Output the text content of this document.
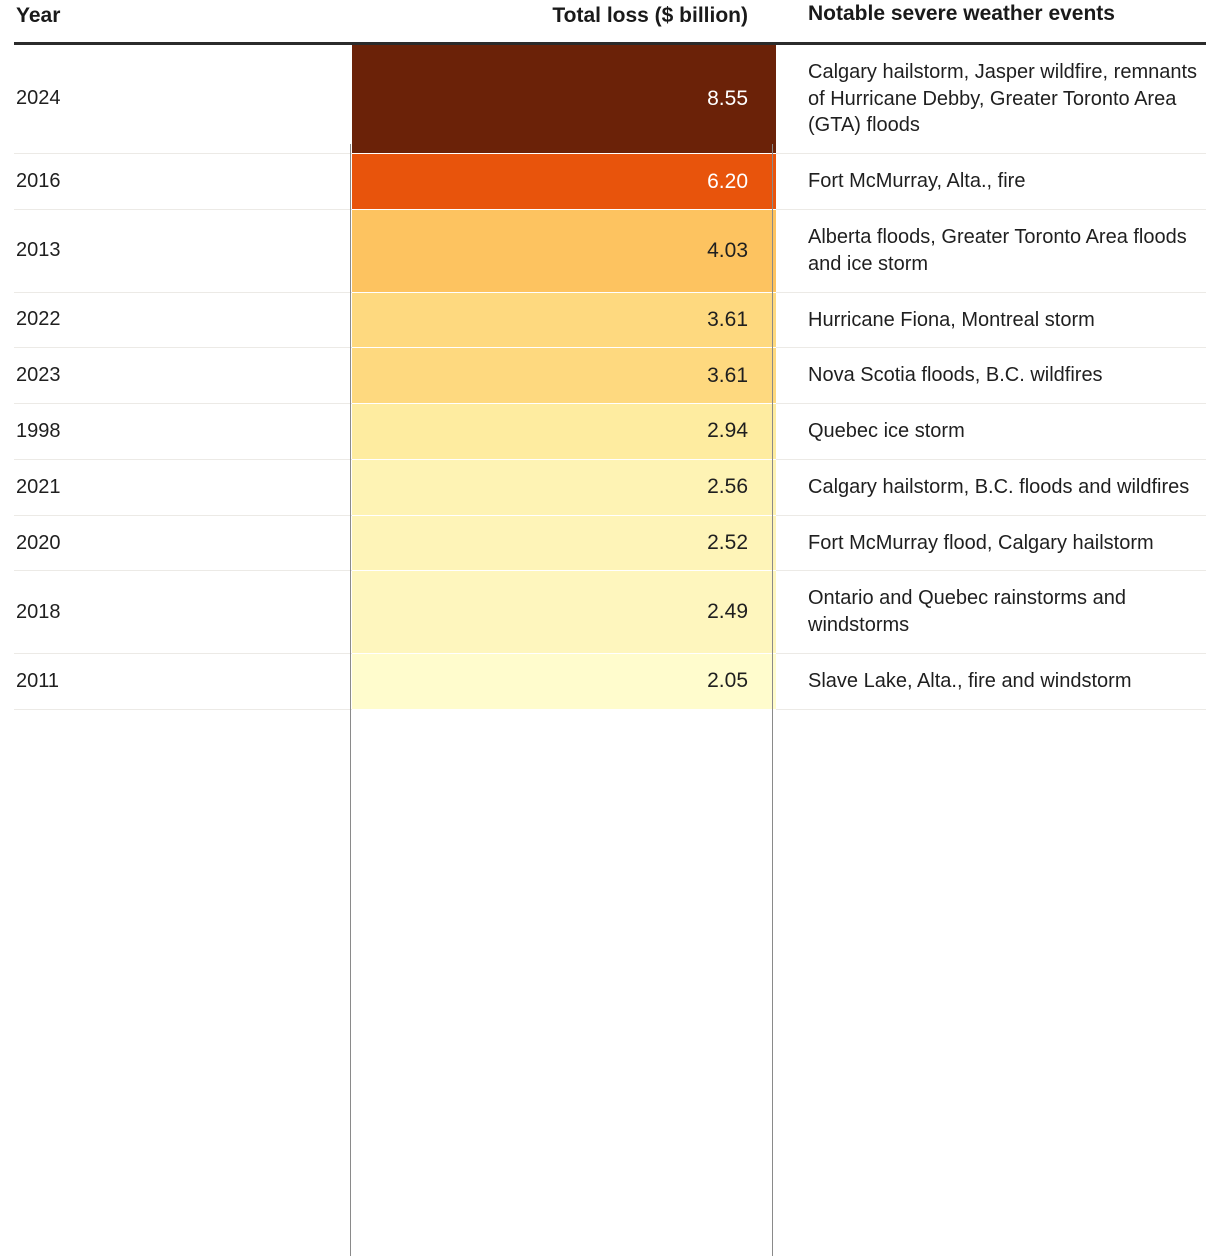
Year	Total loss ($ billion)	Notable severe weather events
2024	8.55	Calgary hailstorm, Jasper wildfire, remnants of Hurricane Debby, Greater Toronto Area (GTA) floods
2016	6.20	Fort McMurray, Alta., fire
2013	4.03	Alberta floods, Greater Toronto Area floods and ice storm
2022	3.61	Hurricane Fiona, Montreal storm
2023	3.61	Nova Scotia floods, B.C. wildfires
1998	2.94	Quebec ice storm
2021	2.56	Calgary hailstorm, B.C. floods and wildfires
2020	2.52	Fort McMurray flood, Calgary hailstorm
2018	2.49	Ontario and Quebec rainstorms and windstorms
2011	2.05	Slave Lake, Alta., fire and windstorm
